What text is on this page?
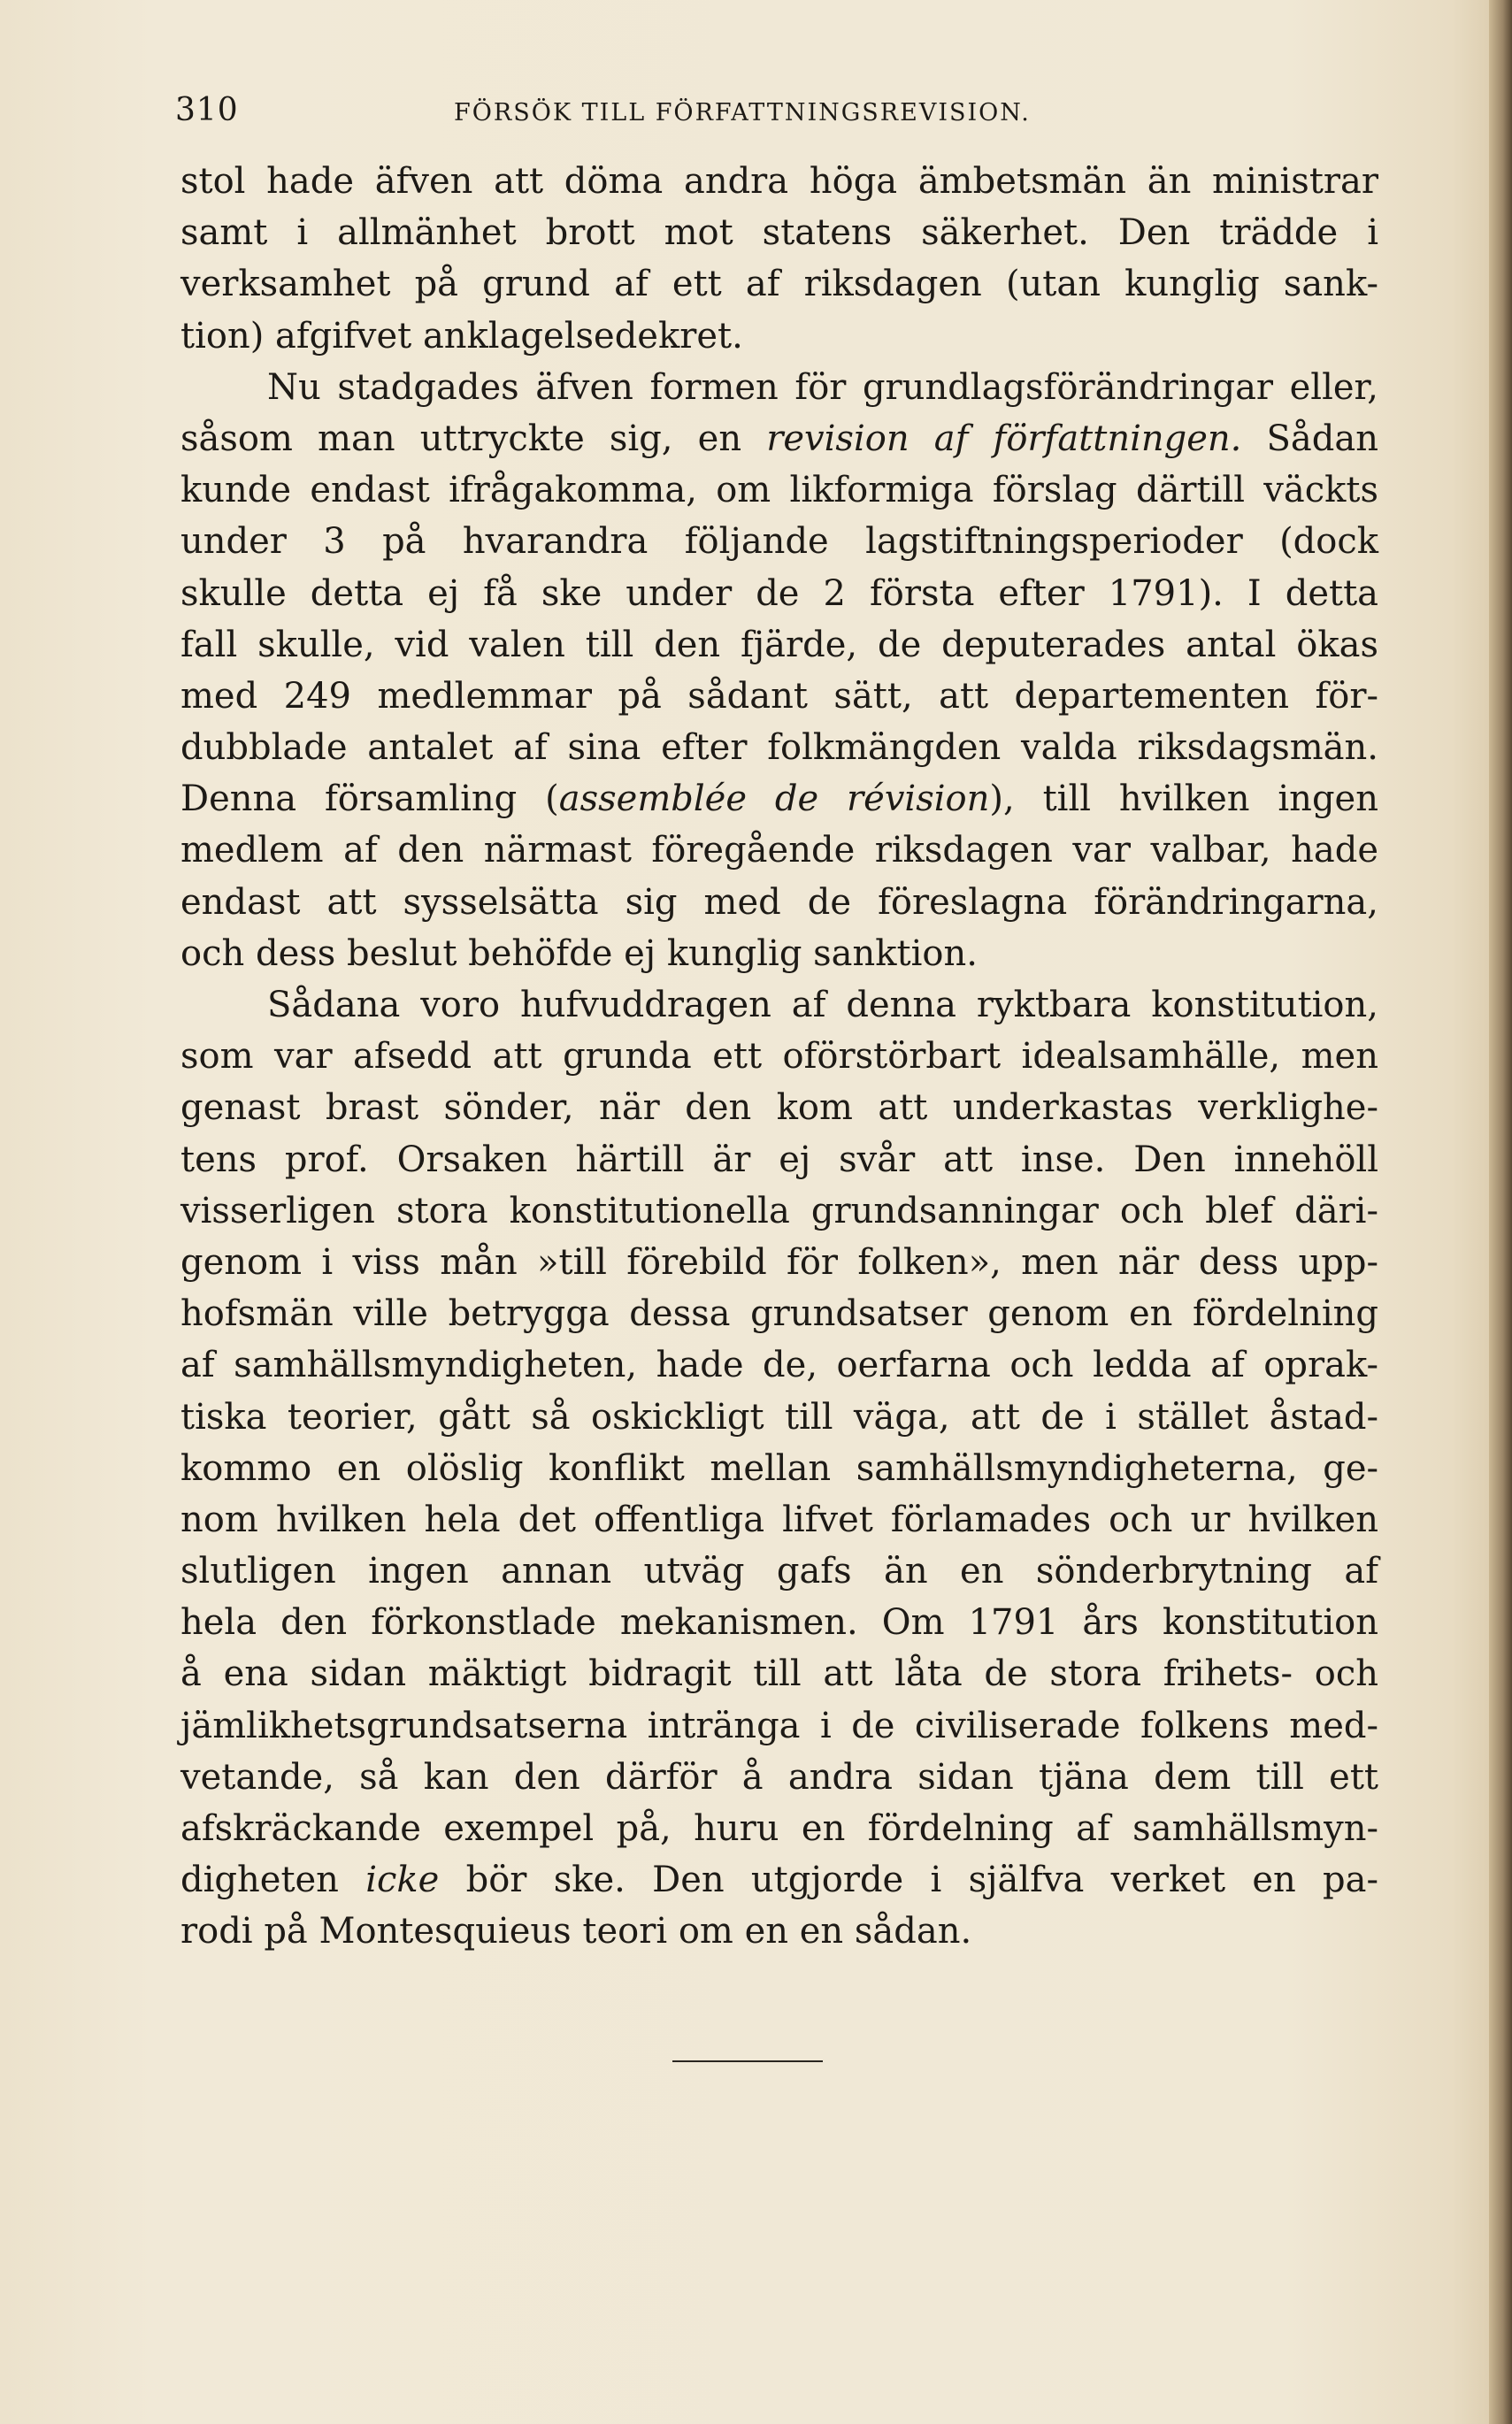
310	FÖRSÖK TILL FÖRFATTNINGSREVISION.
stol hade äfven att döma andra höga ämbetsmän än ministrar
samt i allmänhet brott mot statens säkerhet. Den trädde i
verksamhet på grund af ett af riksdagen (utan kunglig sank-
tion) afgifvet anklagelsedekret.
Nu stadgades äfven formen för grundlagsförändringar eller,
såsom man uttryckte sig, en revision af författningen. Sådan
kunde endast ifrågakomma, om likformiga förslag därtill väckts
under 3 på hvarandra följande lagstiftningsperioder (dock
skulle detta ej få ske under de 2 första efter 1791). I detta
fall skulle, vid valen till den fjärde, de deputerades antal ökas
med 249 medlemmar på sådant sätt, att departementen för-
dubblade antalet af sina efter folkmängden valda riksdagsmän.
Denna församling (assemblée de révision), till hvilken ingen
medlem af den närmast föregående riksdagen var valbar, hade
endast att sysselsätta sig med de föreslagna förändringarna,
och dess beslut behöfde ej kunglig sanktion.
Sådana voro hufvuddragen af denna ryktbara konstitution,
som var afsedd att grunda ett oförstörbart idealsamhälle, men
genast brast sönder, när den kom att underkastas verklighe-
tens prof. Orsaken härtill är ej svår att inse. Den innehöll
visserligen stora konstitutionella grundsanningar och blef däri-
genom i viss mån »till förebild för folken», men när dess upp-
hofsmän ville betrygga dessa grundsatser genom en fördelning
af samhällsmyndigheten, hade de, oerfarna och ledda af oprak-
tiska teorier, gått så oskickligt till väga, att de i stället åstad-
kommo en olöslig konflikt mellan samhällsmyndigheterna, ge-
nom hvilken hela det offentliga lifvet förlamades och ur hvilken
slutligen ingen annan utväg gafs än en sönderbrytning af
hela den förkonstlade mekanismen. Om 1791 års konstitution
å ena sidan mäktigt bidragit till att låta de stora frihets- och
jämlikhetsgrundsatserna intränga i de civiliserade folkens med-
vetande, så kan den därför å andra sidan tjäna dem till ett
afskräckande exempel på, huru en fördelning af samhällsmyn-
digheten icke bör ske. Den utgjorde i själfva verket en pa-
rodi på Montesquieus teori om en en sådan.
